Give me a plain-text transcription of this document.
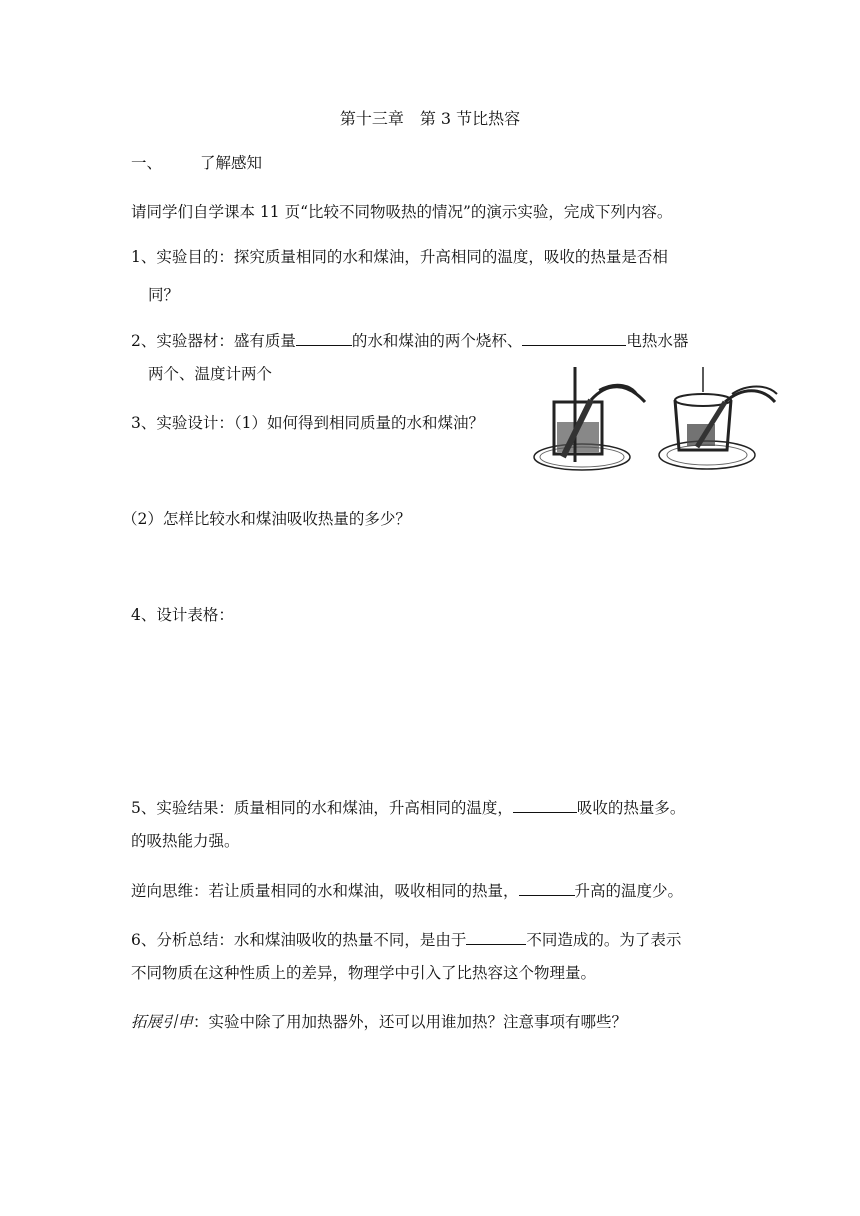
第十三章　第 3 节比热容
一、 了解感知
请同学们自学课本 11 页“比较不同物吸热的情况”的演示实验，完成下列内容。
1、实验目的：探究质量相同的水和煤油，升高相同的温度，吸收的热量是否相
同？
2、实验器材：盛有质量	的水和煤油的两个烧杯、	电热水器
两个、温度计两个
3、实验设计：（1）如何得到相同质量的水和煤油？
（2）怎样比较水和煤油吸收热量的多少？
4、设计表格：
5、实验结果：质量相同的水和煤油，升高相同的温度，	吸收的热量多。
的吸热能力强。
逆向思维：若让质量相同的水和煤油，吸收相同的热量，	升高的温度少。
6、分析总结：水和煤油吸收的热量不同，是由于	不同造成的。为了表示
不同物质在这种性质上的差异，物理学中引入了比热容这个物理量。
拓展引申：实验中除了用加热器外，还可以用谁加热？注意事项有哪些？
